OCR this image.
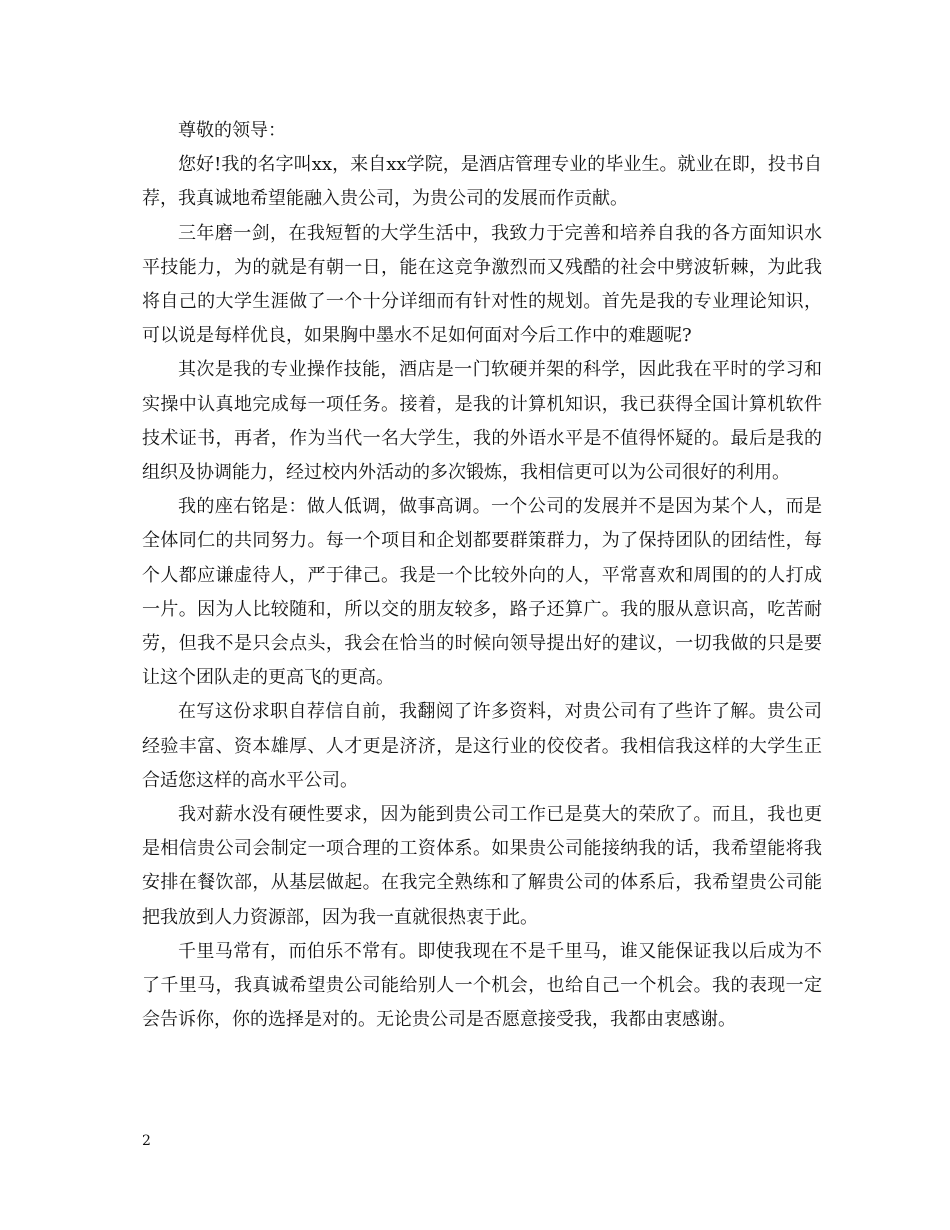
尊敬的领导：

您好!我的名字叫xx，来自xx学院，是酒店管理专业的毕业生。就业在即，投书自荐，我真诚地希望能融入贵公司，为贵公司的发展而作贡献。

三年磨一剑，在我短暂的大学生活中，我致力于完善和培养自我的各方面知识水平技能力，为的就是有朝一日，能在这竞争激烈而又残酷的社会中劈波斩棘，为此我将自己的大学生涯做了一个十分详细而有针对性的规划。首先是我的专业理论知识，可以说是每样优良，如果胸中墨水不足如何面对今后工作中的难题呢?

其次是我的专业操作技能，酒店是一门软硬并架的科学，因此我在平时的学习和实操中认真地完成每一项任务。接着，是我的计算机知识，我已获得全国计算机软件技术证书，再者，作为当代一名大学生，我的外语水平是不值得怀疑的。最后是我的组织及协调能力，经过校内外活动的多次锻炼，我相信更可以为公司很好的利用。

我的座右铭是：做人低调，做事高调。一个公司的发展并不是因为某个人，而是全体同仁的共同努力。每一个项目和企划都要群策群力，为了保持团队的团结性，每个人都应谦虚待人，严于律己。我是一个比较外向的人，平常喜欢和周围的的人打成一片。因为人比较随和，所以交的朋友较多，路子还算广。我的服从意识高，吃苦耐劳，但我不是只会点头，我会在恰当的时候向领导提出好的建议，一切我做的只是要让这个团队走的更高飞的更高。

在写这份求职自荐信自前，我翻阅了许多资料，对贵公司有了些许了解。贵公司经验丰富、资本雄厚、人才更是济济，是这行业的佼佼者。我相信我这样的大学生正合适您这样的高水平公司。

我对薪水没有硬性要求，因为能到贵公司工作已是莫大的荣欣了。而且，我也更是相信贵公司会制定一项合理的工资体系。如果贵公司能接纳我的话，我希望能将我安排在餐饮部，从基层做起。在我完全熟练和了解贵公司的体系后，我希望贵公司能把我放到人力资源部，因为我一直就很热衷于此。

千里马常有，而伯乐不常有。即使我现在不是千里马，谁又能保证我以后成为不了千里马，我真诚希望贵公司能给别人一个机会，也给自己一个机会。我的表现一定会告诉你，你的选择是对的。无论贵公司是否愿意接受我，我都由衷感谢。

2
